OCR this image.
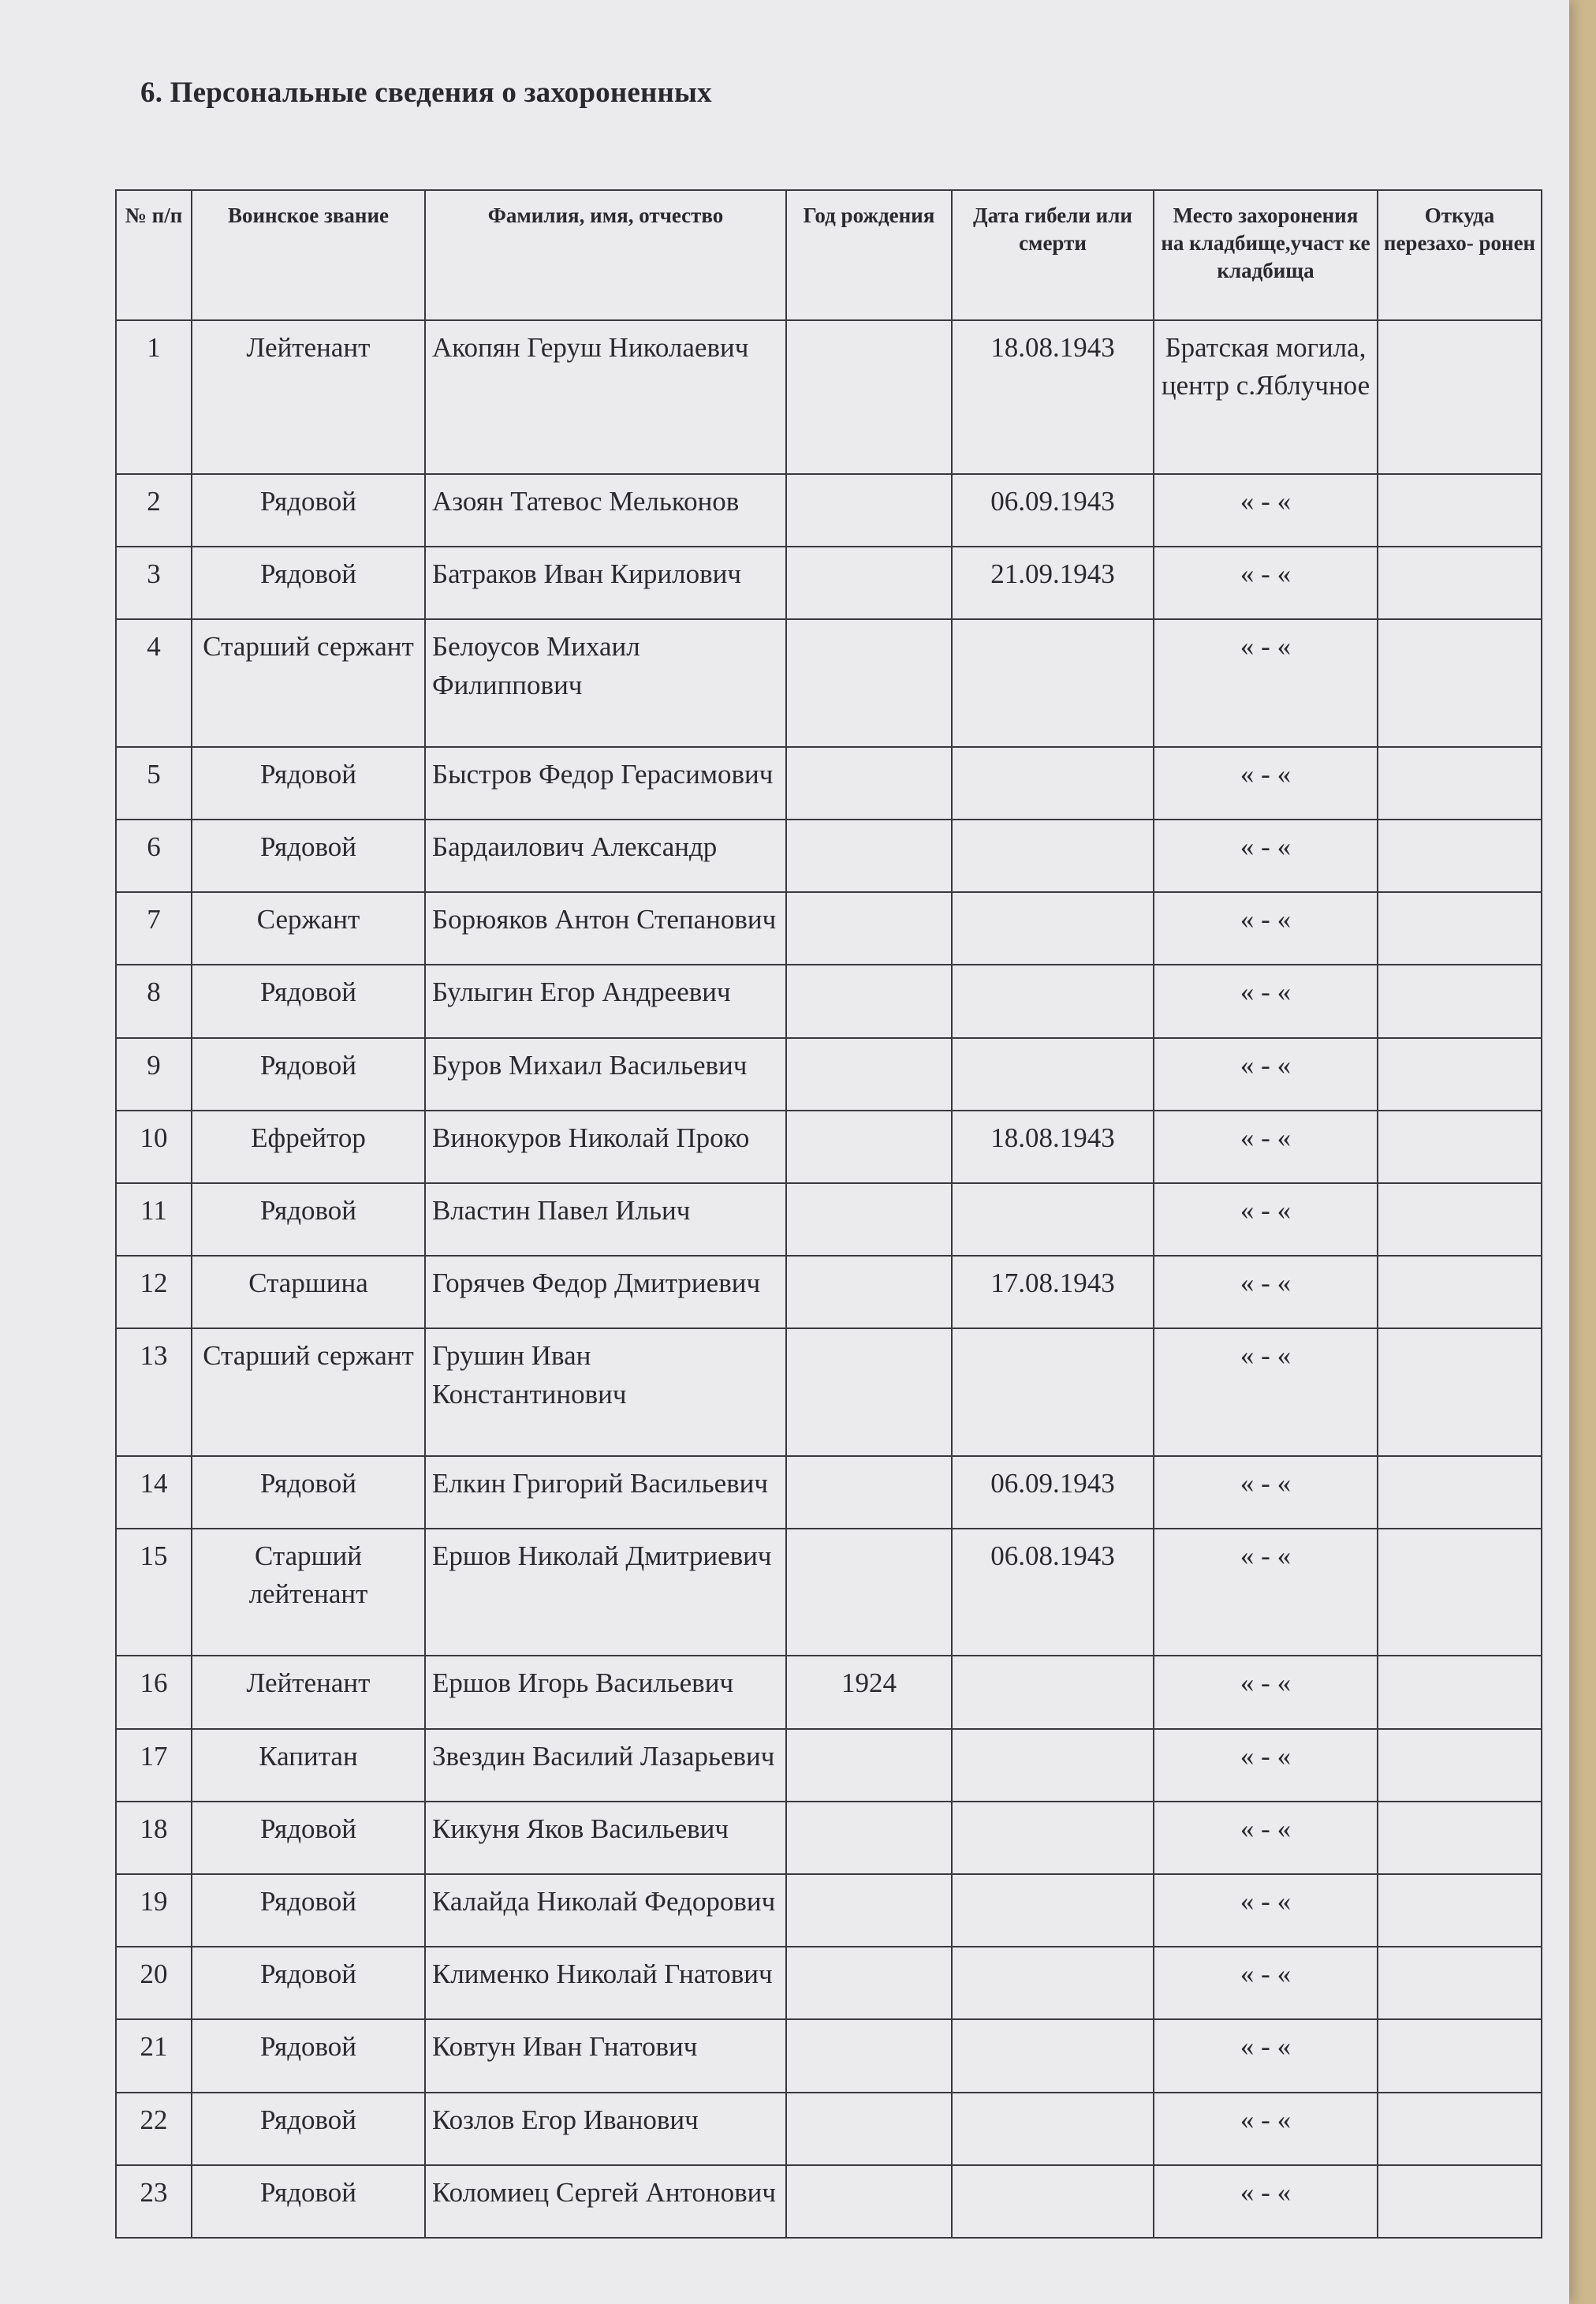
6. Персональные сведения о захороненных
№ п/п	Воинское звание	Фамилия, имя, отчество	Год рождения	Дата гибели или смерти	Место захоронения на кладбище,участ ке кладбища	Откуда перезахо- ронен
1	Лейтенант	Акопян Геруш Николаевич		18.08.1943	Братская могила, центр с.Яблучное	
2	Рядовой	Азоян Татевос Мельконов		06.09.1943	« - «	
3	Рядовой	Батраков Иван Кирилович		21.09.1943	« - «	
4	Старший сержант	Белоусов Михаил Филиппович			« - «	
5	Рядовой	Быстров Федор Герасимович			« - «	
6	Рядовой	Бардаилович Александр			« - «	
7	Сержант	Борюяков Антон Степанович			« - «	
8	Рядовой	Булыгин Егор Андреевич			« - «	
9	Рядовой	Буров Михаил Васильевич			« - «	
10	Ефрейтор	Винокуров Николай Проко		18.08.1943	« - «	
11	Рядовой	Властин Павел Ильич			« - «	
12	Старшина	Горячев Федор Дмитриевич		17.08.1943	« - «	
13	Старший сержант	Грушин Иван Константинович			« - «	
14	Рядовой	Елкин Григорий Васильевич		06.09.1943	« - «	
15	Старший лейтенант	Ершов Николай Дмитриевич		06.08.1943	« - «	
16	Лейтенант	Ершов Игорь Васильевич	1924		« - «	
17	Капитан	Звездин Василий Лазарьевич			« - «	
18	Рядовой	Кикуня Яков Васильевич			« - «	
19	Рядовой	Калайда Николай Федорович			« - «	
20	Рядовой	Клименко Николай Гнатович			« - «	
21	Рядовой	Ковтун Иван Гнатович			« - «	
22	Рядовой	Козлов Егор Иванович			« - «	
23	Рядовой	Коломиец Сергей Антонович			« - «	
